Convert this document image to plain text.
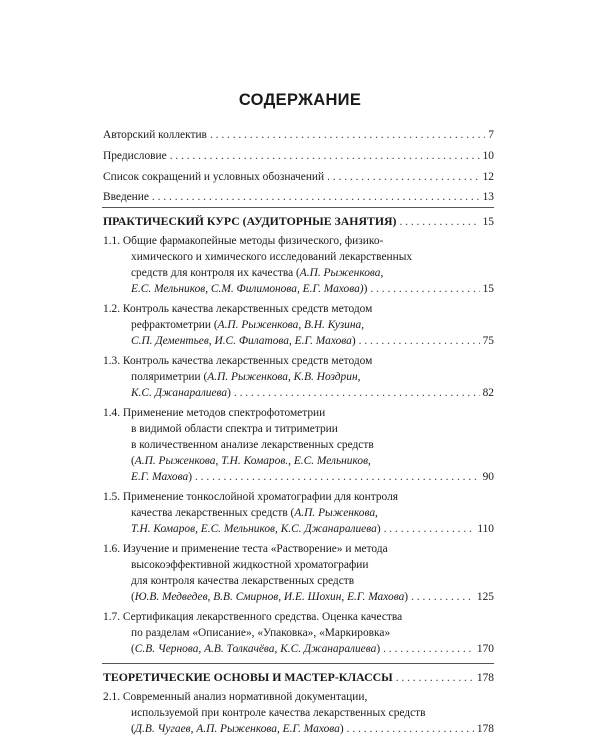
СОДЕРЖАНИЕ
Авторский коллектив . . .	7
Предисловие . . .	10
Список сокращений и условных обозначений . . .	12
Введение . . .	13
ПРАКТИЧЕСКИЙ КУРС (АУДИТОРНЫЕ ЗАНЯТИЯ) . . .	15
1.1. Общие фармакопейные методы физического, физико-
химического и химического исследований лекарственных
средств для контроля их качества (А.П. Рыженкова,
Е.С. Мельников, С.М. Филимонова, Е.Г. Махова)) . . .	15
1.2. Контроль качества лекарственных средств методом
рефрактометрии (А.П. Рыженкова, В.Н. Кузина,
С.П. Дементьев, И.С. Филатова, Е.Г. Махова) . . .	75
1.3. Контроль качества лекарственных средств методом
поляриметрии (А.П. Рыженкова, К.В. Ноздрин,
К.С. Джанаралиева) . . .	82
1.4. Применение методов спектрофотометрии
в видимой области спектра и титриметрии
в количественном анализе лекарственных средств
(А.П. Рыженкова, Т.Н. Комаров., Е.С. Мельников,
Е.Г. Махова) . . .	90
1.5. Применение тонкослойной хроматографии для контроля
качества лекарственных средств (А.П. Рыженкова,
Т.Н. Комаров, Е.С. Мельников, К.С. Джанаралиева) . . .	110
1.6. Изучение и применение теста «Растворение» и метода
высокоэффективной жидкостной хроматографии
для контроля качества лекарственных средств
(Ю.В. Медведев, В.В. Смирнов, И.Е. Шохин, Е.Г. Махова) . . .	125
1.7. Сертификация лекарственного средства. Оценка качества
по разделам «Описание», «Упаковка», «Маркировка»
(С.В. Чернова, А.В. Толкачёва, К.С. Джанаралиева) . . .	170
ТЕОРЕТИЧЕСКИЕ ОСНОВЫ И МАСТЕР-КЛАССЫ . . .	178
2.1. Современный анализ нормативной документации,
используемой при контроле качества лекарственных средств
(Д.В. Чугаев, А.П. Рыженкова, Е.Г. Махова) . . .	178
